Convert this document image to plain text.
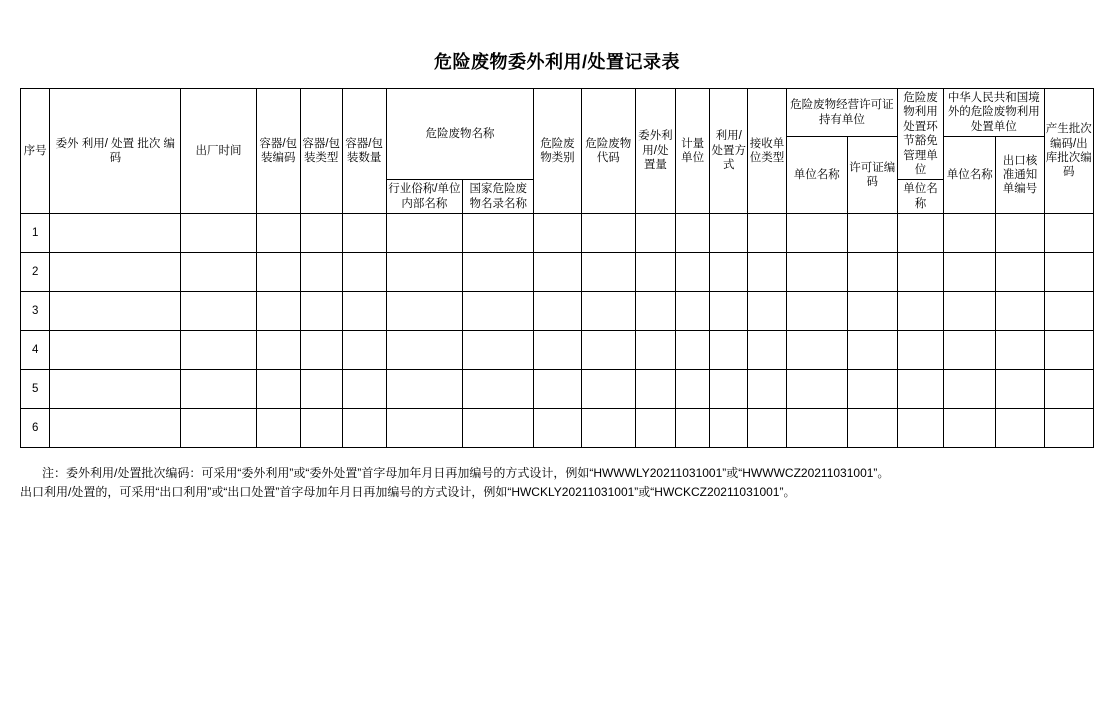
危险废物委外利用/处置记录表
序号	委外 利用/ 处置 批次 编码	出厂时间	容器/包装编码	容器/包装类型	容器/包装数量	危险废物名称		危险废物类别	危险废物代码	委外利用/处置量	计量单位	利用/处置方式	接收单位类型	危险废物经营许可证持有单位		危险废物利用处置环节豁免管理单位	中华人民共和国境外的危险废物利用处置单位		产生批次编码/出库批次编码
														单位名称	许可证编码		单位名称	出口核准通知单编号	
						行业俗称/单位内部名称	国家危险废物名录名称									单位名称			
1																			
2																			
3																			
4																			
5																			
6																			
注：委外利用/处置批次编码：可采用“委外利用”或“委外处置”首字母加年月日再加编号的方式设计，例如“HWWWLY20211031001”或“HWWWCZ20211031001”。
出口利用/处置的，可采用“出口利用”或“出口处置”首字母加年月日再加编号的方式设计，例如“HWCKLY20211031001”或“HWCKCZ20211031001”。
